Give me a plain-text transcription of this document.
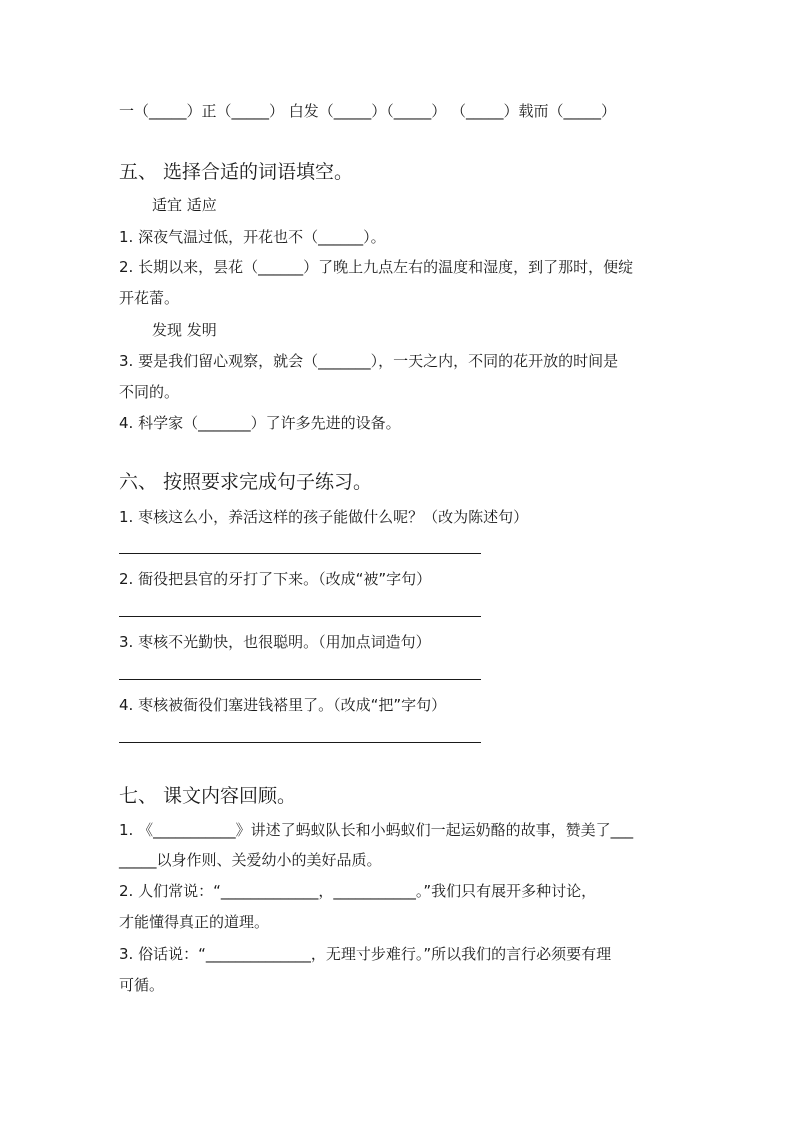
一（_____）正（_____） 白发（_____）（_____） （_____）载而（_____）
五、 选择合适的词语填空。
适宜 适应
1. 深夜气温过低，开花也不（______）。
2. 长期以来，昙花（______）了晚上九点左右的温度和湿度，到了那时，便绽
开花蕾。
发现 发明
3. 要是我们留心观察，就会（_______），一天之内，不同的花开放的时间是
不同的。
4. 科学家（_______）了许多先进的设备。
六、 按照要求完成句子练习。
1. 枣核这么小，养活这样的孩子能做什么呢？（改为陈述句）
2. 衙役把县官的牙打了下来。（改成“被”字句）
3. 枣核不光勤快，也很聪明。（用加点词造句）
4. 枣核被衙役们塞进钱褡里了。（改成“把”字句）
七、 课文内容回顾。
1. 《___________》讲述了蚂蚁队长和小蚂蚁们一起运奶酪的故事，赞美了___
_____以身作则、关爱幼小的美好品质。
2. 人们常说：“_____________，___________。”我们只有展开多种讨论，
才能懂得真正的道理。
3. 俗话说：“______________，无理寸步难行。”所以我们的言行必须要有理
可循。
